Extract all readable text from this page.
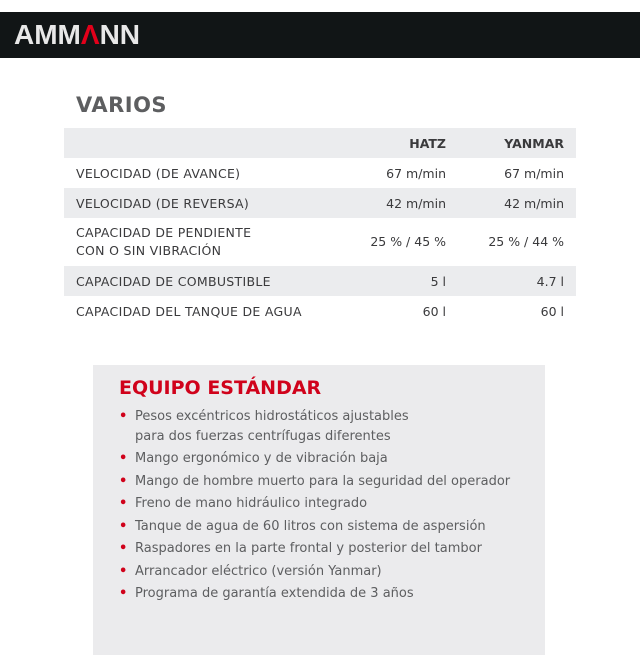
AMMΛNN
VARIOS
	HATZ	YANMAR
VELOCIDAD (DE AVANCE)	67 m/min	67 m/min
VELOCIDAD (DE REVERSA)	42 m/min	42 m/min
CAPACIDAD DE PENDIENTE
CON O SIN VIBRACIÓN	25 % / 45 %	25 % / 44 %
CAPACIDAD DE COMBUSTIBLE	5 l	4.7 l
CAPACIDAD DEL TANQUE DE AGUA	60 l	60 l
EQUIPO ESTÁNDAR
• Pesos excéntricos hidrostáticos ajustables
para dos fuerzas centrífugas diferentes
• Mango ergonómico y de vibración baja
• Mango de hombre muerto para la seguridad del operador
• Freno de mano hidráulico integrado
• Tanque de agua de 60 litros con sistema de aspersión
• Raspadores en la parte frontal y posterior del tambor
• Arrancador eléctrico (versión Yanmar)
• Programa de garantía extendida de 3 años
